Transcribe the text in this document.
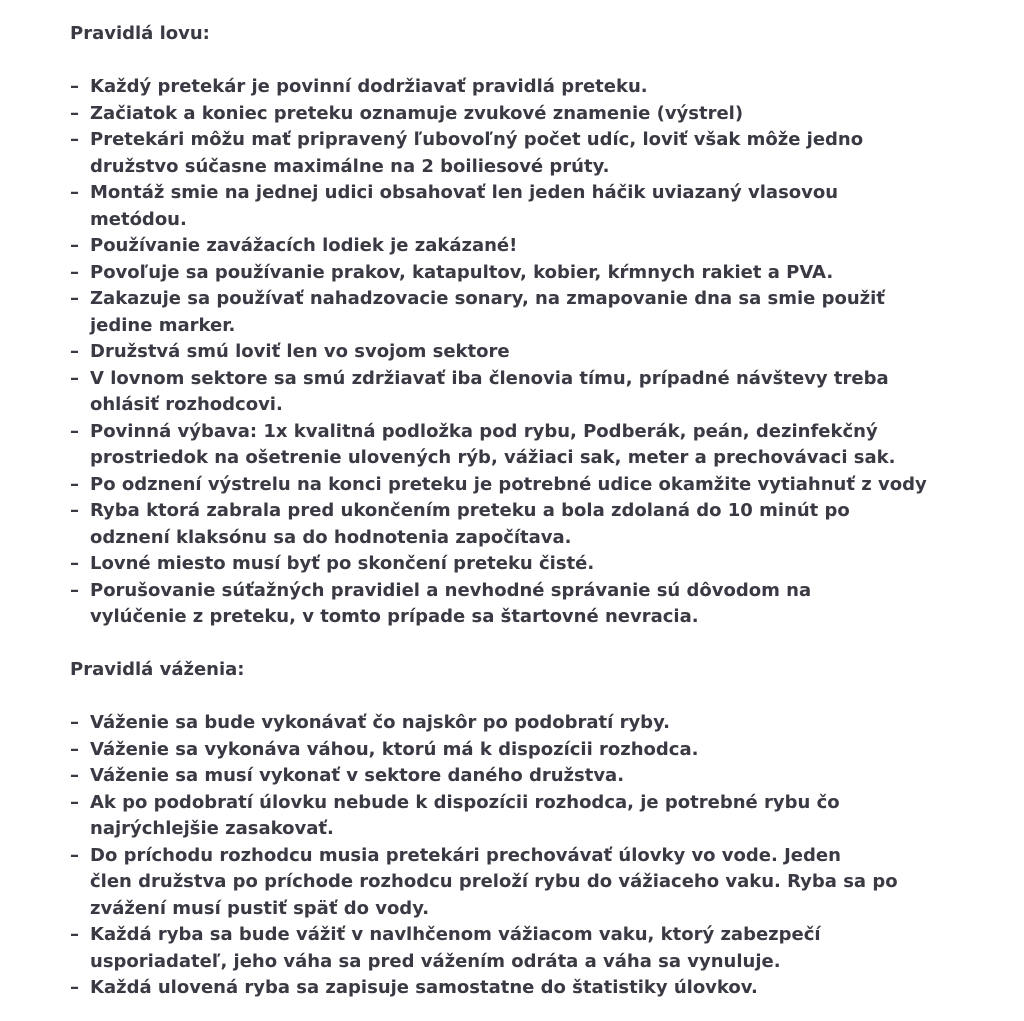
Pravidlá lovu:
– Každý pretekár je povinní dodržiavať pravidlá preteku.
– Začiatok a koniec preteku oznamuje zvukové znamenie (výstrel)
– Pretekári môžu mať pripravený ľubovoľný počet udíc, loviť však môže jedno
družstvo súčasne maximálne na 2 boiliesové prúty.
– Montáž smie na jednej udici obsahovať len jeden háčik uviazaný vlasovou
metódou.
– Používanie zavážacích lodiek je zakázané!
– Povoľuje sa používanie prakov, katapultov, kobier, kŕmnych rakiet a PVA.
– Zakazuje sa používať nahadzovacie sonary, na zmapovanie dna sa smie použiť
jedine marker.
– Družstvá smú loviť len vo svojom sektore
– V lovnom sektore sa smú zdržiavať iba členovia tímu, prípadné návštevy treba
ohlásiť rozhodcovi.
– Povinná výbava: 1x kvalitná podložka pod rybu, Podberák, peán, dezinfekčný
prostriedok na ošetrenie ulovených rýb, vážiaci sak, meter a prechovávaci sak.
– Po odznení výstrelu na konci preteku je potrebné udice okamžite vytiahnuť z vody
– Ryba ktorá zabrala pred ukončením preteku a bola zdolaná do 10 minút po
odznení klaksónu sa do hodnotenia započítava.
– Lovné miesto musí byť po skončení preteku čisté.
– Porušovanie súťažných pravidiel a nevhodné správanie sú dôvodom na
vylúčenie z preteku, v tomto prípade sa štartovné nevracia.
Pravidlá váženia:
– Váženie sa bude vykonávať čo najskôr po podobratí ryby.
– Váženie sa vykonáva váhou, ktorú má k dispozícii rozhodca.
– Váženie sa musí vykonať v sektore daného družstva.
– Ak po podobratí úlovku nebude k dispozícii rozhodca, je potrebné rybu čo
najrýchlejšie zasakovať.
– Do príchodu rozhodcu musia pretekári prechovávať úlovky vo vode. Jeden
člen družstva po príchode rozhodcu preloží rybu do vážiaceho vaku. Ryba sa po
zvážení musí pustiť späť do vody.
– Každá ryba sa bude vážiť v navlhčenom vážiacom vaku, ktorý zabezpečí
usporiadateľ, jeho váha sa pred vážením odráta a váha sa vynuluje.
– Každá ulovená ryba sa zapisuje samostatne do štatistiky úlovkov.
